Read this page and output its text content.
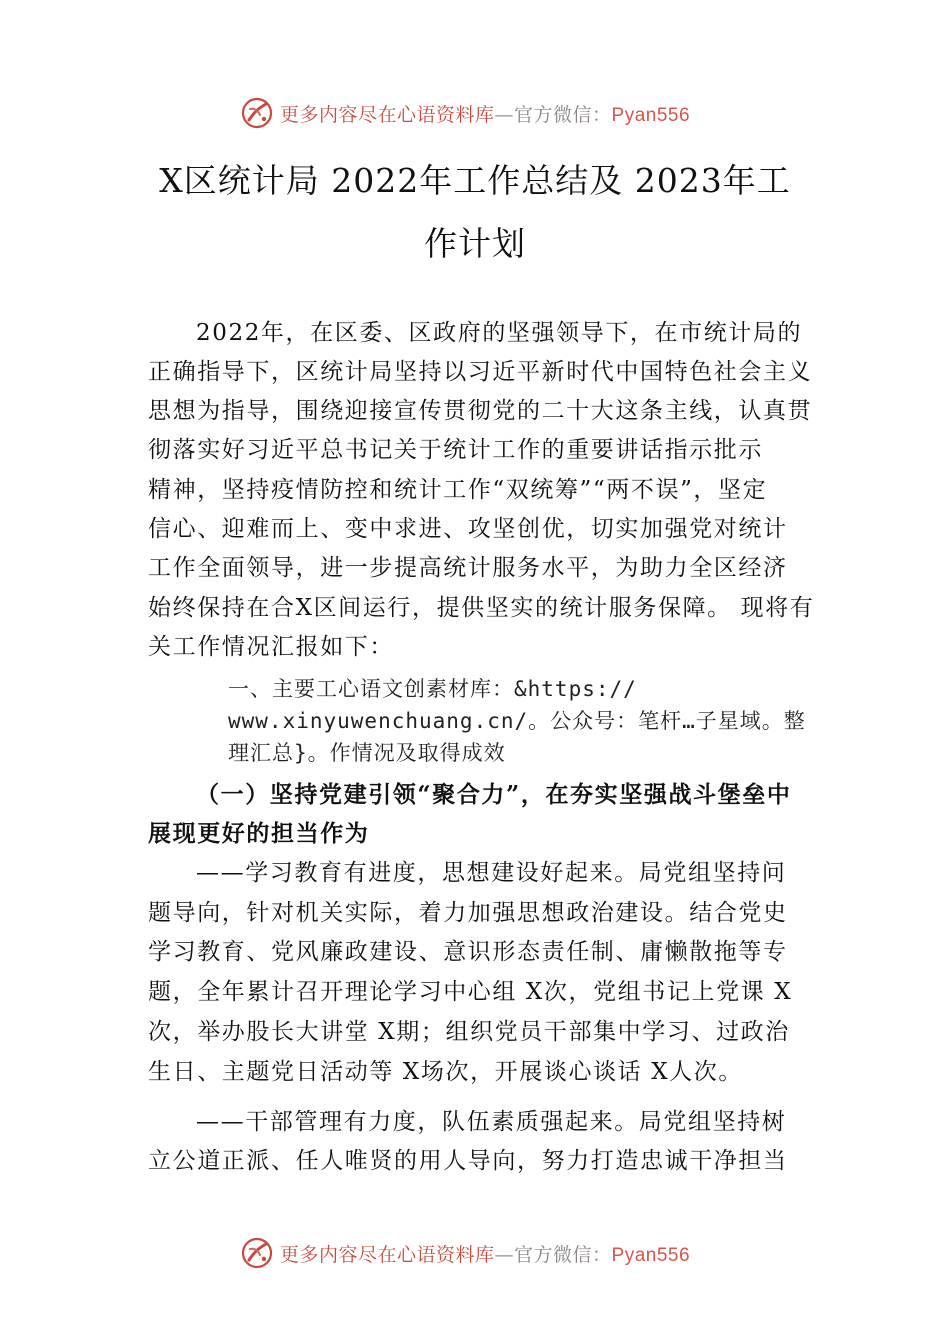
更多内容尽在心语资料库—官方微信：Pyan556
X区统计局 2022年工作总结及 2023年工
作计划
2022年，在区委、区政府的坚强领导下，在市统计局的
正确指导下，区统计局坚持以习近平新时代中国特色社会主义
思想为指导，围绕迎接宣传贯彻党的二十大这条主线，认真贯
彻落实好习近平总书记关于统计工作的重要讲话指示批示
精神，坚持疫情防控和统计工作“双统筹”“两不误”，坚定
信心、迎难而上、变中求进、攻坚创优，切实加强党对统计
工作全面领导，进一步提高统计服务水平，为助力全区经济
始终保持在合X区间运行，提供坚实的统计服务保障。 现将有
关工作情况汇报如下：
一、主要工心语文创素材库：&https://
www.xinyuwenchuang.cn/。公众号：笔杆…子星域。整
理汇总}。作情况及取得成效
（一）坚持党建引领“聚合力”，在夯实坚强战斗堡垒中
展现更好的担当作为
——学习教育有进度，思想建设好起来。局党组坚持问
题导向，针对机关实际，着力加强思想政治建设。结合党史
学习教育、党风廉政建设、意识形态责任制、庸懒散拖等专
题，全年累计召开理论学习中心组 X次，党组书记上党课 X
次，举办股长大讲堂 X期；组织党员干部集中学习、过政治
生日、主题党日活动等 X场次，开展谈心谈话 X人次。
——干部管理有力度，队伍素质强起来。局党组坚持树
立公道正派、任人唯贤的用人导向，努力打造忠诚干净担当
更多内容尽在心语资料库—官方微信：Pyan556
